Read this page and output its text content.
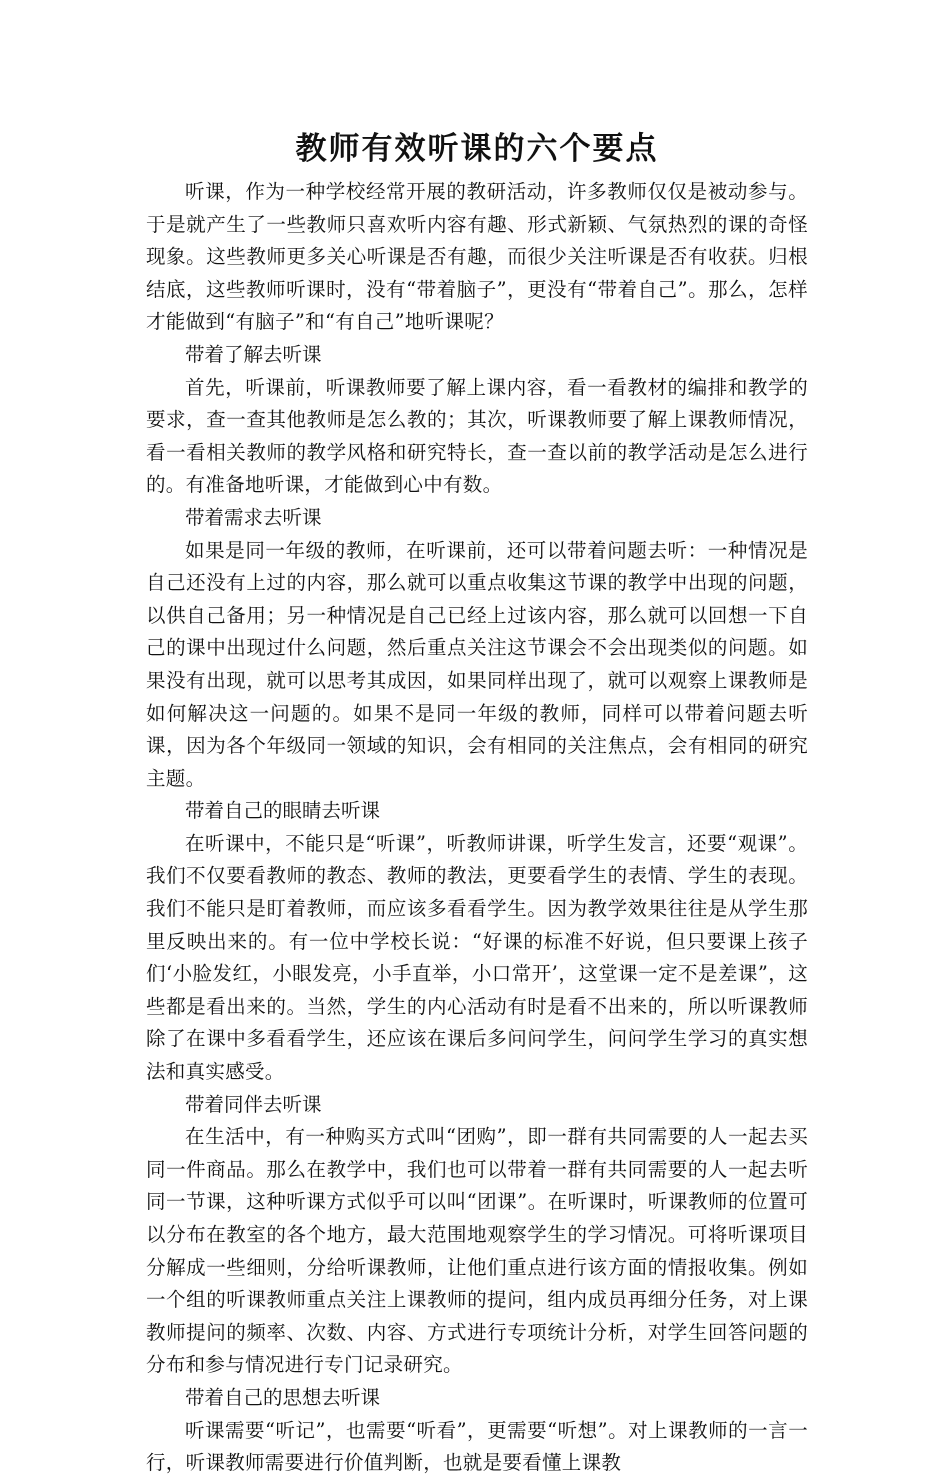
教师有效听课的六个要点

听课，作为一种学校经常开展的教研活动，许多教师仅仅是被动参与。于是就产生了一些教师只喜欢听内容有趣、形式新颖、气氛热烈的课的奇怪现象。这些教师更多关心听课是否有趣，而很少关注听课是否有收获。归根结底，这些教师听课时，没有“带着脑子”，更没有“带着自己”。那么，怎样才能做到“有脑子”和“有自己”地听课呢？

带着了解去听课

首先，听课前，听课教师要了解上课内容，看一看教材的编排和教学的要求，查一查其他教师是怎么教的；其次，听课教师要了解上课教师情况，看一看相关教师的教学风格和研究特长，查一查以前的教学活动是怎么进行的。有准备地听课，才能做到心中有数。

带着需求去听课

如果是同一年级的教师，在听课前，还可以带着问题去听：一种情况是自己还没有上过的内容，那么就可以重点收集这节课的教学中出现的问题，以供自己备用；另一种情况是自己已经上过该内容，那么就可以回想一下自己的课中出现过什么问题，然后重点关注这节课会不会出现类似的问题。如果没有出现，就可以思考其成因，如果同样出现了，就可以观察上课教师是如何解决这一问题的。如果不是同一年级的教师，同样可以带着问题去听课，因为各个年级同一领域的知识，会有相同的关注焦点，会有相同的研究主题。

带着自己的眼睛去听课

在听课中，不能只是“听课”，听教师讲课，听学生发言，还要“观课”。我们不仅要看教师的教态、教师的教法，更要看学生的表情、学生的表现。我们不能只是盯着教师，而应该多看看学生。因为教学效果往往是从学生那里反映出来的。有一位中学校长说：“好课的标准不好说，但只要课上孩子们‘小脸发红，小眼发亮，小手直举，小口常开’，这堂课一定不是差课”，这些都是看出来的。当然，学生的内心活动有时是看不出来的，所以听课教师除了在课中多看看学生，还应该在课后多问问学生，问问学生学习的真实想法和真实感受。

带着同伴去听课

在生活中，有一种购买方式叫“团购”，即一群有共同需要的人一起去买同一件商品。那么在教学中，我们也可以带着一群有共同需要的人一起去听同一节课，这种听课方式似乎可以叫“团课”。在听课时，听课教师的位置可以分布在教室的各个地方，最大范围地观察学生的学习情况。可将听课项目分解成一些细则，分给听课教师，让他们重点进行该方面的情报收集。例如一个组的听课教师重点关注上课教师的提问，组内成员再细分任务，对上课教师提问的频率、次数、内容、方式进行专项统计分析，对学生回答问题的分布和参与情况进行专门记录研究。

带着自己的思想去听课

听课需要“听记”，也需要“听看”，更需要“听想”。对上课教师的一言一行，听课教师需要进行价值判断，也就是要看懂上课教
